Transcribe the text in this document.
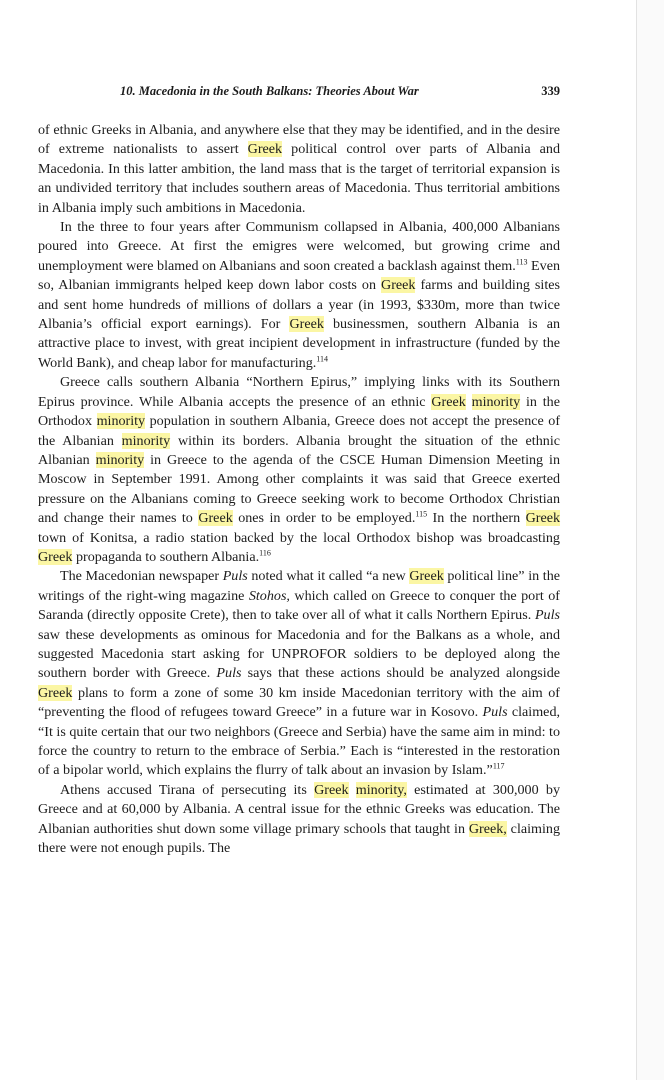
10. Macedonia in the South Balkans: Theories About War	339

of ethnic Greeks in Albania, and anywhere else that they may be identified, and in the desire of extreme nationalists to assert Greek political control over parts of Albania and Macedonia. In this latter ambition, the land mass that is the target of territorial expansion is an undivided territory that includes southern areas of Macedonia. Thus territorial ambitions in Albania imply such ambitions in Macedonia.

In the three to four years after Communism collapsed in Albania, 400,000 Albanians poured into Greece. At first the emigres were welcomed, but growing crime and unemployment were blamed on Albanians and soon created a backlash against them.$^{113}$ Even so, Albanian immigrants helped keep down labor costs on Greek farms and building sites and sent home hundreds of millions of dollars a year (in 1993, $330m, more than twice Albania’s official export earnings). For Greek businessmen, southern Albania is an attractive place to invest, with great incipient development in infrastructure (funded by the World Bank), and cheap labor for manufacturing.$^{114}$

Greece calls southern Albania “Northern Epirus,” implying links with its Southern Epirus province. While Albania accepts the presence of an ethnic Greek minority in the Orthodox minority population in southern Albania, Greece does not accept the presence of the Albanian minority within its borders. Albania brought the situation of the ethnic Albanian minority in Greece to the agenda of the CSCE Human Dimension Meeting in Moscow in September 1991. Among other complaints it was said that Greece exerted pressure on the Albanians coming to Greece seeking work to become Orthodox Christian and change their names to Greek ones in order to be employed.$^{115}$ In the northern Greek town of Konitsa, a radio station backed by the local Orthodox bishop was broadcasting Greek propaganda to southern Albania.$^{116}$

The Macedonian newspaper Puls noted what it called “a new Greek political line” in the writings of the right-wing magazine Stohos, which called on Greece to conquer the port of Saranda (directly opposite Crete), then to take over all of what it calls Northern Epirus. Puls saw these developments as ominous for Macedonia and for the Balkans as a whole, and suggested Macedonia start asking for UNPROFOR soldiers to be deployed along the southern border with Greece. Puls says that these actions should be analyzed alongside Greek plans to form a zone of some 30 km inside Macedonian territory with the aim of “preventing the flood of refugees toward Greece” in a future war in Kosovo. Puls claimed, “It is quite certain that our two neighbors (Greece and Serbia) have the same aim in mind: to force the country to return to the embrace of Serbia.” Each is “interested in the restoration of a bipolar world, which explains the flurry of talk about an invasion by Islam.”$^{117}$

Athens accused Tirana of persecuting its Greek minority, estimated at 300,000 by Greece and at 60,000 by Albania. A central issue for the ethnic Greeks was education. The Albanian authorities shut down some village primary schools that taught in Greek, claiming there were not enough pupils. The
